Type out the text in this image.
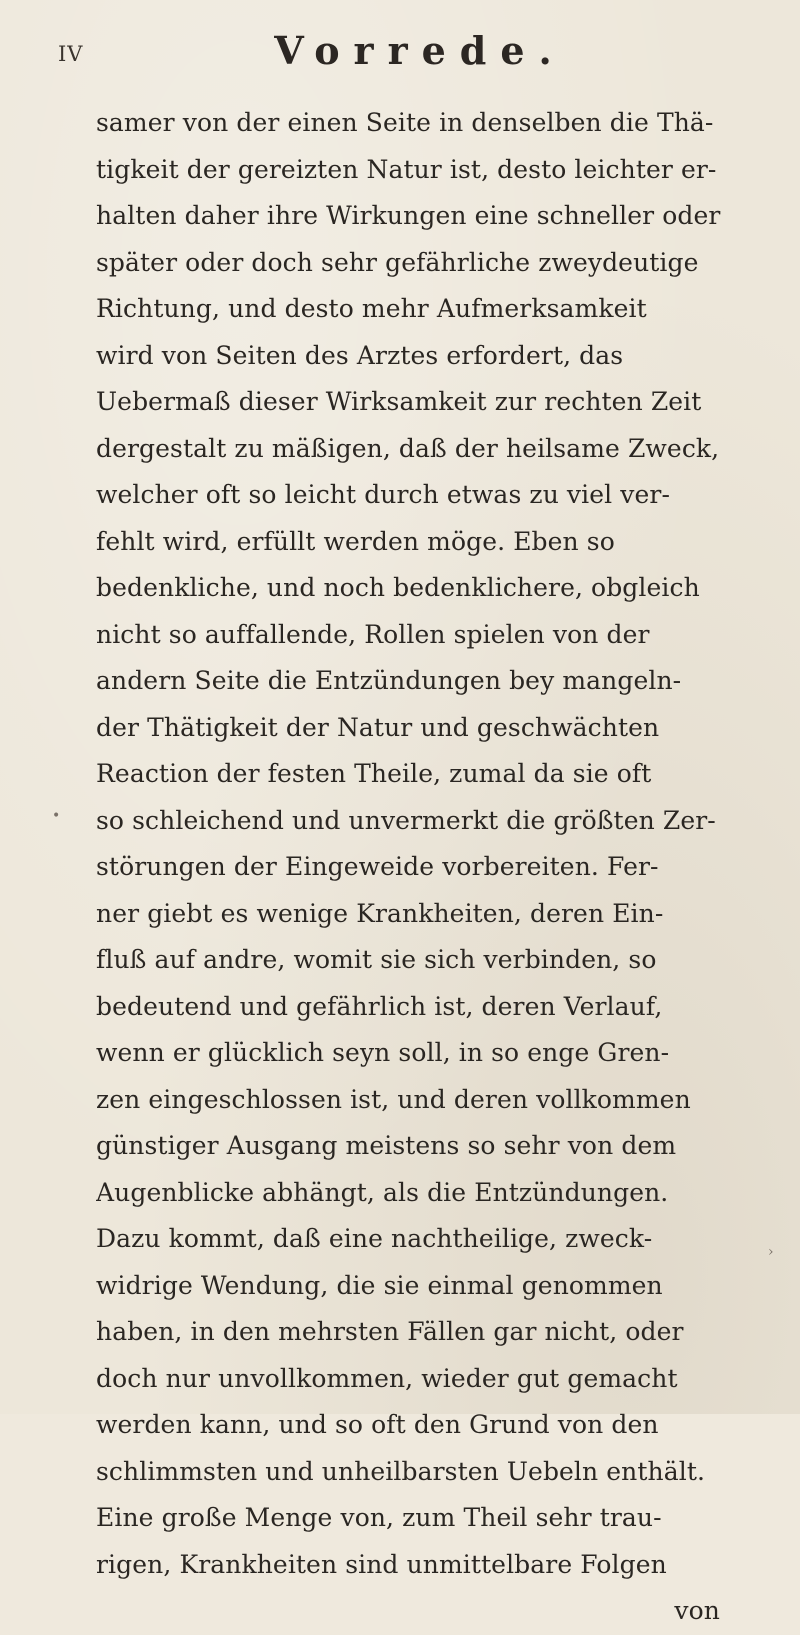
IV	Vorrede.
samer von der einen Seite in denselben die Thä-
tigkeit der gereizten Natur ist, desto leichter er-
halten daher ihre Wirkungen eine schneller oder
später oder doch sehr gefährliche zweydeutige
Richtung, und desto mehr Aufmerksamkeit
wird von Seiten des Arztes erfordert, das
Uebermaß dieser Wirksamkeit zur rechten Zeit
dergestalt zu mäßigen, daß der heilsame Zweck,
welcher oft so leicht durch etwas zu viel ver-
fehlt wird, erfüllt werden möge. Eben so
bedenkliche, und noch bedenklichere, obgleich
nicht so auffallende, Rollen spielen von der
andern Seite die Entzündungen bey mangeln-
der Thätigkeit der Natur und geschwächten
Reaction der festen Theile, zumal da sie oft
so schleichend und unvermerkt die größten Zer-
störungen der Eingeweide vorbereiten. Fer-
ner giebt es wenige Krankheiten, deren Ein-
fluß auf andre, womit sie sich verbinden, so
bedeutend und gefährlich ist, deren Verlauf,
wenn er glücklich seyn soll, in so enge Gren-
zen eingeschlossen ist, und deren vollkommen
günstiger Ausgang meistens so sehr von dem
Augenblicke abhängt, als die Entzündungen.
Dazu kommt, daß eine nachtheilige, zweck-
widrige Wendung, die sie einmal genommen
haben, in den mehrsten Fällen gar nicht, oder
doch nur unvollkommen, wieder gut gemacht
werden kann, und so oft den Grund von den
schlimmsten und unheilbarsten Uebeln enthält.
Eine große Menge von, zum Theil sehr trau-
rigen, Krankheiten sind unmittelbare Folgen
von
•
›
